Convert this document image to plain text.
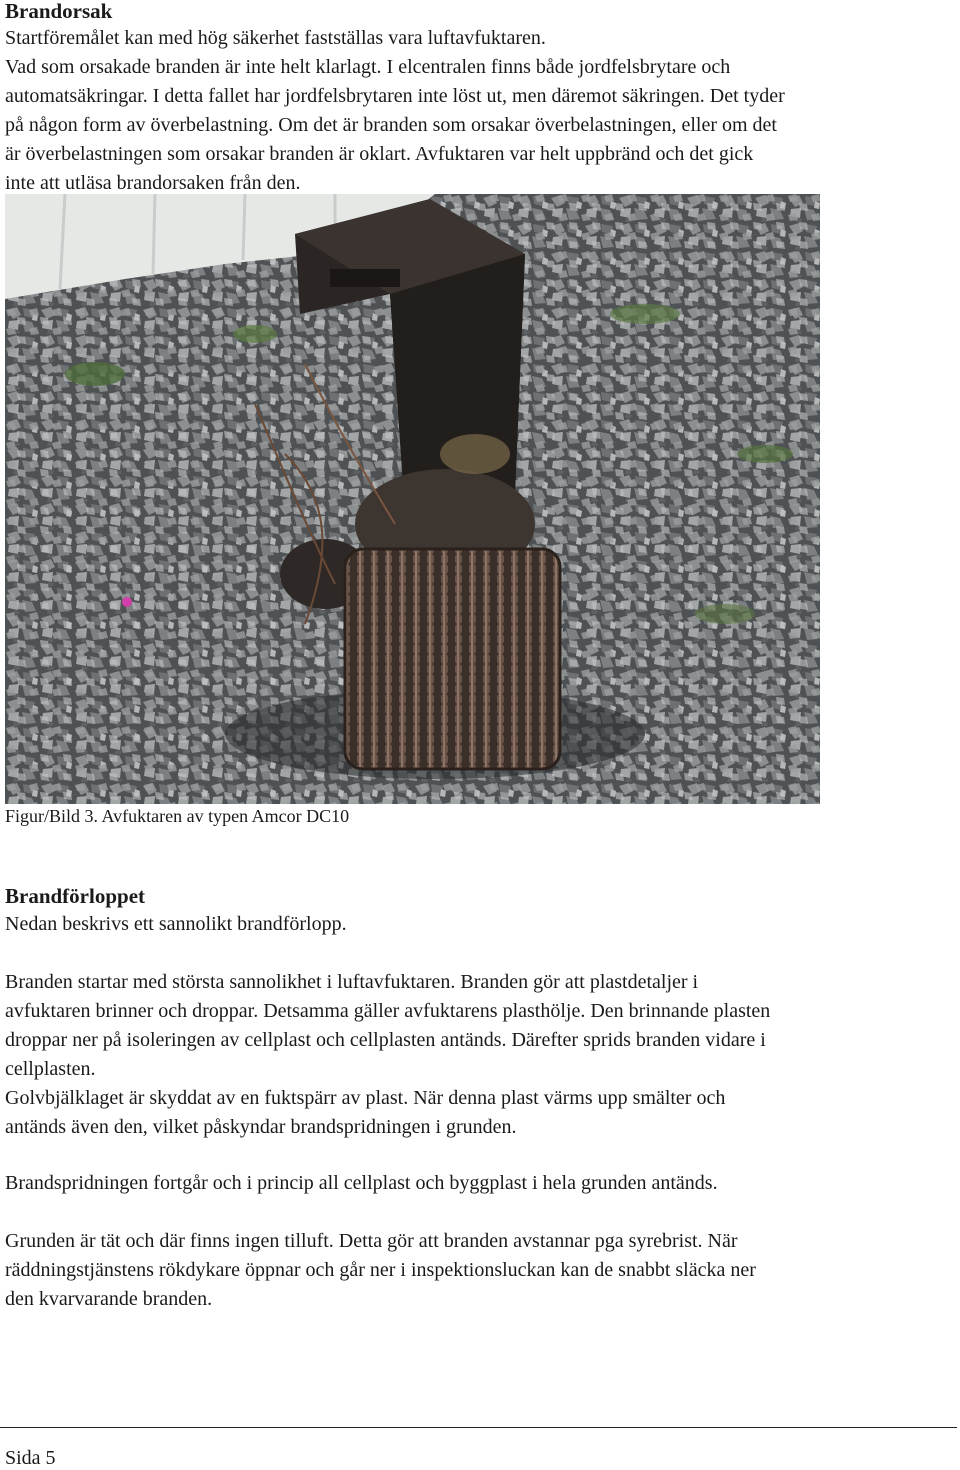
Brandorsak
Startföremålet kan med hög säkerhet fastställas vara luftavfuktaren.
Vad som orsakade branden är inte helt klarlagt. I elcentralen finns både jordfelsbrytare och
automatsäkringar. I detta fallet har jordfelsbrytaren inte löst ut, men däremot säkringen. Det tyder
på någon form av överbelastning. Om det är branden som orsakar överbelastningen, eller om det
är överbelastningen som orsakar branden är oklart. Avfuktaren var helt uppbränd och det gick
inte att utläsa brandorsaken från den.

Figur/Bild 3. Avfuktaren av typen Amcor DC10

Brandförloppet

Nedan beskrivs ett sannolikt brandförlopp.

Branden startar med största sannolikhet i luftavfuktaren. Branden gör att plastdetaljer i
avfuktaren brinner och droppar. Detsamma gäller avfuktarens plasthölje. Den brinnande plasten
droppar ner på isoleringen av cellplast och cellplasten antänds. Därefter sprids branden vidare i
cellplasten.
Golvbjälklaget är skyddat av en fuktspärr av plast. När denna plast värms upp smälter och
antänds även den, vilket påskyndar brandspridningen i grunden.
Brandspridningen fortgår och i princip all cellplast och byggplast i hela grunden antänds.
Grunden är tät och där finns ingen tilluft. Detta gör att branden avstannar pga syrebrist. När
räddningstjänstens rökdykare öppnar och går ner i inspektionsluckan kan de snabbt släcka ner
den kvarvarande branden.

Sida 5
